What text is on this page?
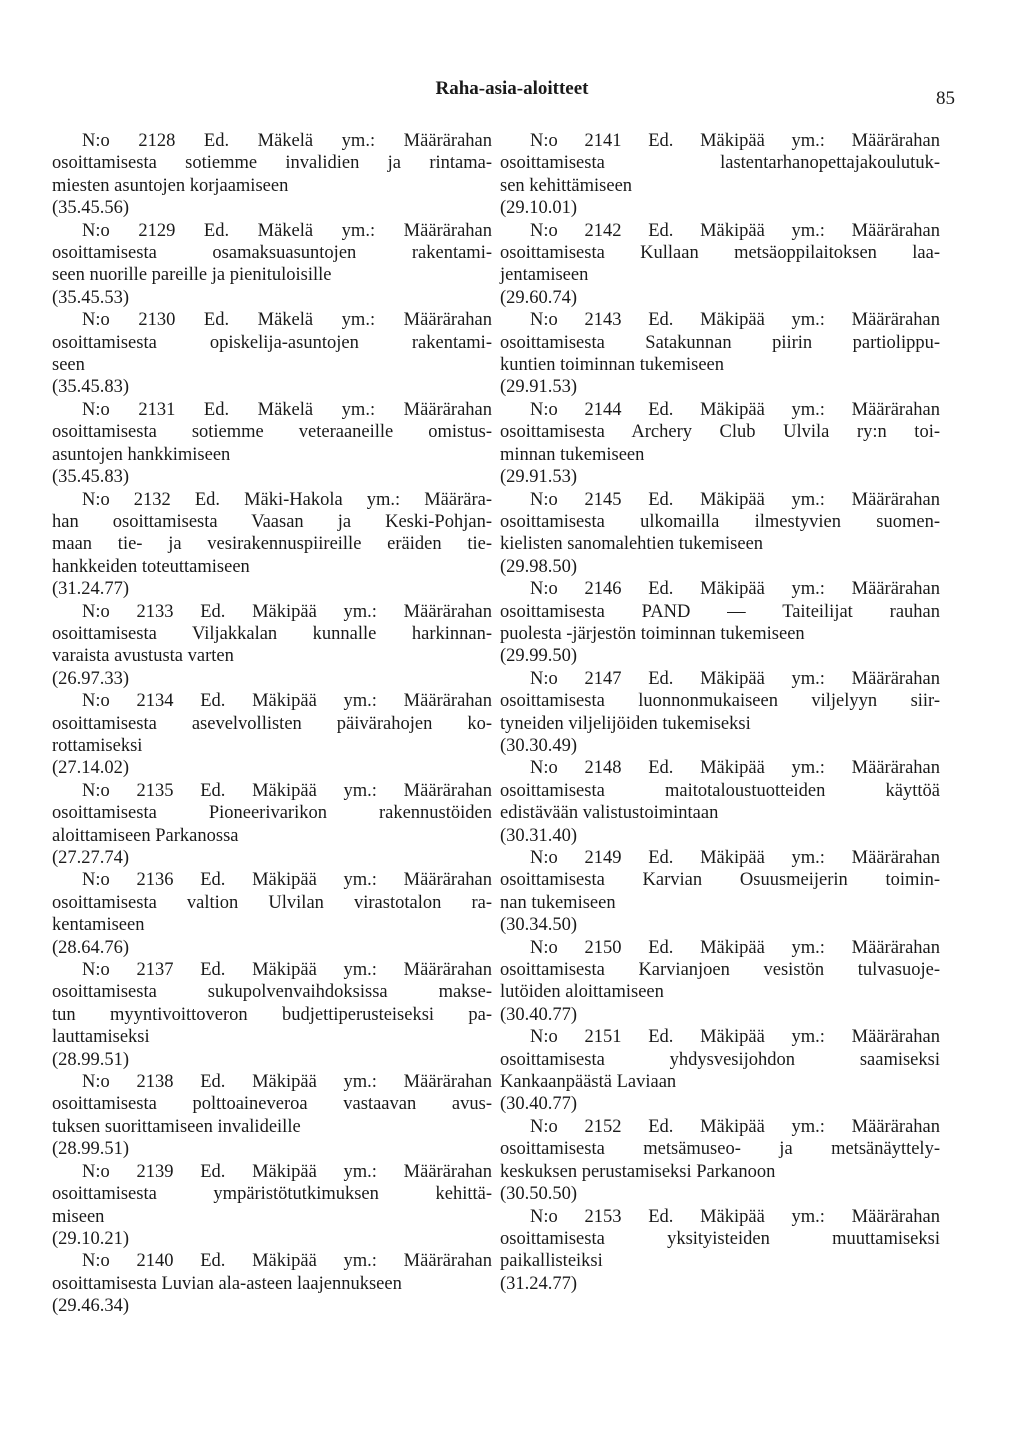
Raha-asia-aloitteet	85
N:o 2128 Ed. Mäkelä ym.: Määrärahan
osoittamisesta sotiemme invalidien ja rintama-
miesten asuntojen korjaamiseen
(35.45.56)
N:o 2129 Ed. Mäkelä ym.: Määrärahan
osoittamisesta osamaksuasuntojen rakentami-
seen nuorille pareille ja pienituloisille
(35.45.53)
N:o 2130 Ed. Mäkelä ym.: Määrärahan
osoittamisesta opiskelija-asuntojen rakentami-
seen
(35.45.83)
N:o 2131 Ed. Mäkelä ym.: Määrärahan
osoittamisesta sotiemme veteraaneille omistus-
asuntojen hankkimiseen
(35.45.83)
N:o 2132 Ed. Mäki-Hakola ym.: Määrära-
han osoittamisesta Vaasan ja Keski-Pohjan-
maan tie- ja vesirakennuspiireille eräiden tie-
hankkeiden toteuttamiseen
(31.24.77)
N:o 2133 Ed. Mäkipää ym.: Määrärahan
osoittamisesta Viljakkalan kunnalle harkinnan-
varaista avustusta varten
(26.97.33)
N:o 2134 Ed. Mäkipää ym.: Määrärahan
osoittamisesta asevelvollisten päivärahojen ko-
rottamiseksi
(27.14.02)
N:o 2135 Ed. Mäkipää ym.: Määrärahan
osoittamisesta Pioneerivarikon rakennustöiden
aloittamiseen Parkanossa
(27.27.74)
N:o 2136 Ed. Mäkipää ym.: Määrärahan
osoittamisesta valtion Ulvilan virastotalon ra-
kentamiseen
(28.64.76)
N:o 2137 Ed. Mäkipää ym.: Määrärahan
osoittamisesta sukupolvenvaihdoksissa makse-
tun myyntivoittoveron budjettiperusteiseksi pa-
lauttamiseksi
(28.99.51)
N:o 2138 Ed. Mäkipää ym.: Määrärahan
osoittamisesta polttoaineveroa vastaavan avus-
tuksen suorittamiseen invalideille
(28.99.51)
N:o 2139 Ed. Mäkipää ym.: Määrärahan
osoittamisesta ympäristötutkimuksen kehittä-
miseen
(29.10.21)
N:o 2140 Ed. Mäkipää ym.: Määrärahan
osoittamisesta Luvian ala-asteen laajennukseen
(29.46.34)
N:o 2141 Ed. Mäkipää ym.: Määrärahan
osoittamisesta lastentarhanopettajakoulutuk-
sen kehittämiseen
(29.10.01)
N:o 2142 Ed. Mäkipää ym.: Määrärahan
osoittamisesta Kullaan metsäoppilaitoksen laa-
jentamiseen
(29.60.74)
N:o 2143 Ed. Mäkipää ym.: Määrärahan
osoittamisesta Satakunnan piirin partiolippu-
kuntien toiminnan tukemiseen
(29.91.53)
N:o 2144 Ed. Mäkipää ym.: Määrärahan
osoittamisesta Archery Club Ulvila ry:n toi-
minnan tukemiseen
(29.91.53)
N:o 2145 Ed. Mäkipää ym.: Määrärahan
osoittamisesta ulkomailla ilmestyvien suomen-
kielisten sanomalehtien tukemiseen
(29.98.50)
N:o 2146 Ed. Mäkipää ym.: Määrärahan
osoittamisesta PAND — Taiteilijat rauhan
puolesta -järjestön toiminnan tukemiseen
(29.99.50)
N:o 2147 Ed. Mäkipää ym.: Määrärahan
osoittamisesta luonnonmukaiseen viljelyyn siir-
tyneiden viljelijöiden tukemiseksi
(30.30.49)
N:o 2148 Ed. Mäkipää ym.: Määrärahan
osoittamisesta maitotaloustuotteiden käyttöä
edistävään valistustoimintaan
(30.31.40)
N:o 2149 Ed. Mäkipää ym.: Määrärahan
osoittamisesta Karvian Osuusmeijerin toimin-
nan tukemiseen
(30.34.50)
N:o 2150 Ed. Mäkipää ym.: Määrärahan
osoittamisesta Karvianjoen vesistön tulvasuoje-
lutöiden aloittamiseen
(30.40.77)
N:o 2151 Ed. Mäkipää ym.: Määrärahan
osoittamisesta yhdysvesijohdon saamiseksi
Kankaanpäästä Laviaan
(30.40.77)
N:o 2152 Ed. Mäkipää ym.: Määrärahan
osoittamisesta metsämuseo- ja metsänäyttely-
keskuksen perustamiseksi Parkanoon
(30.50.50)
N:o 2153 Ed. Mäkipää ym.: Määrärahan
osoittamisesta yksityisteiden muuttamiseksi
paikallisteiksi
(31.24.77)
